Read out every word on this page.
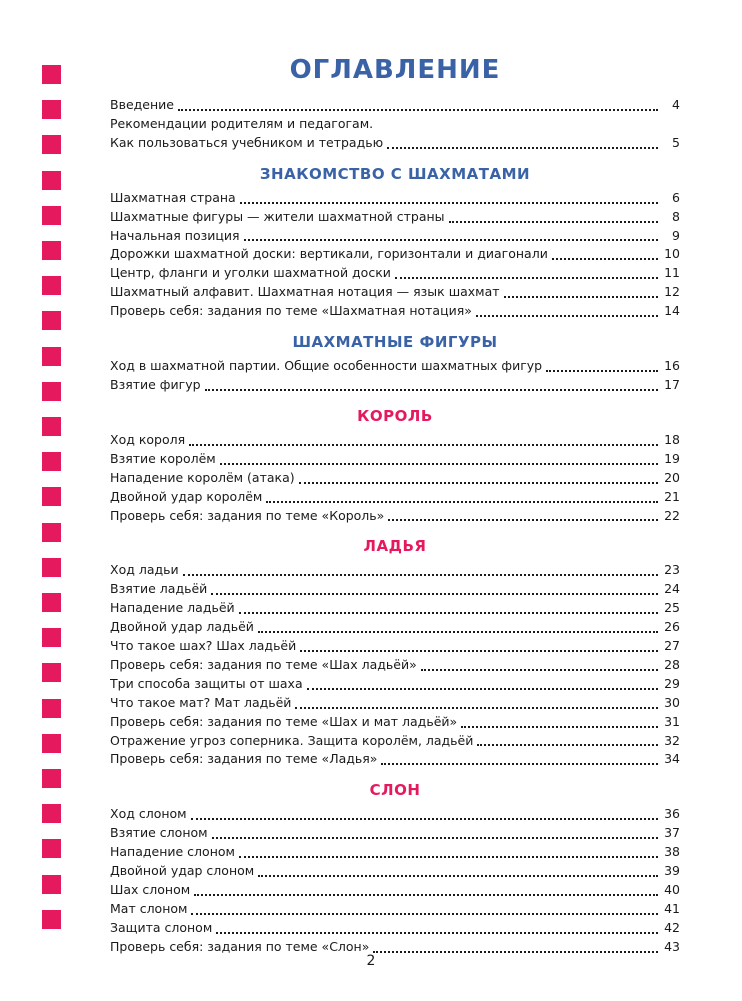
ОГЛАВЛЕНИЕ
Введение	4
Рекомендации родителям и педагогам.
Как пользоваться учебником и тетрадью	5
ЗНАКОМСТВО С ШАХМАТАМИ
Шахматная страна	6
Шахматные фигуры — жители шахматной страны	8
Начальная позиция	9
Дорожки шахматной доски: вертикали, горизонтали и диагонали	10
Центр, фланги и уголки шахматной доски	11
Шахматный алфавит. Шахматная нотация — язык шахмат	12
Проверь себя: задания по теме «Шахматная нотация»	14
ШАХМАТНЫЕ ФИГУРЫ
Ход в шахматной партии. Общие особенности шахматных фигур	16
Взятие фигур	17
КОРОЛЬ
Ход короля	18
Взятие королём	19
Нападение королём (атака)	20
Двойной удар королём	21
Проверь себя: задания по теме «Король»	22
ЛАДЬЯ
Ход ладьи	23
Взятие ладьёй	24
Нападение ладьёй	25
Двойной удар ладьёй	26
Что такое шах? Шах ладьёй	27
Проверь себя: задания по теме «Шах ладьёй»	28
Три способа защиты от шаха	29
Что такое мат? Мат ладьёй	30
Проверь себя: задания по теме «Шах и мат ладьёй»	31
Отражение угроз соперника. Защита королём, ладьёй	32
Проверь себя: задания по теме «Ладья»	34
СЛОН
Ход слоном	36
Взятие слоном	37
Нападение слоном	38
Двойной удар слоном	39
Шах слоном	40
Мат слоном	41
Защита слоном	42
Проверь себя: задания по теме «Слон»	43
2
